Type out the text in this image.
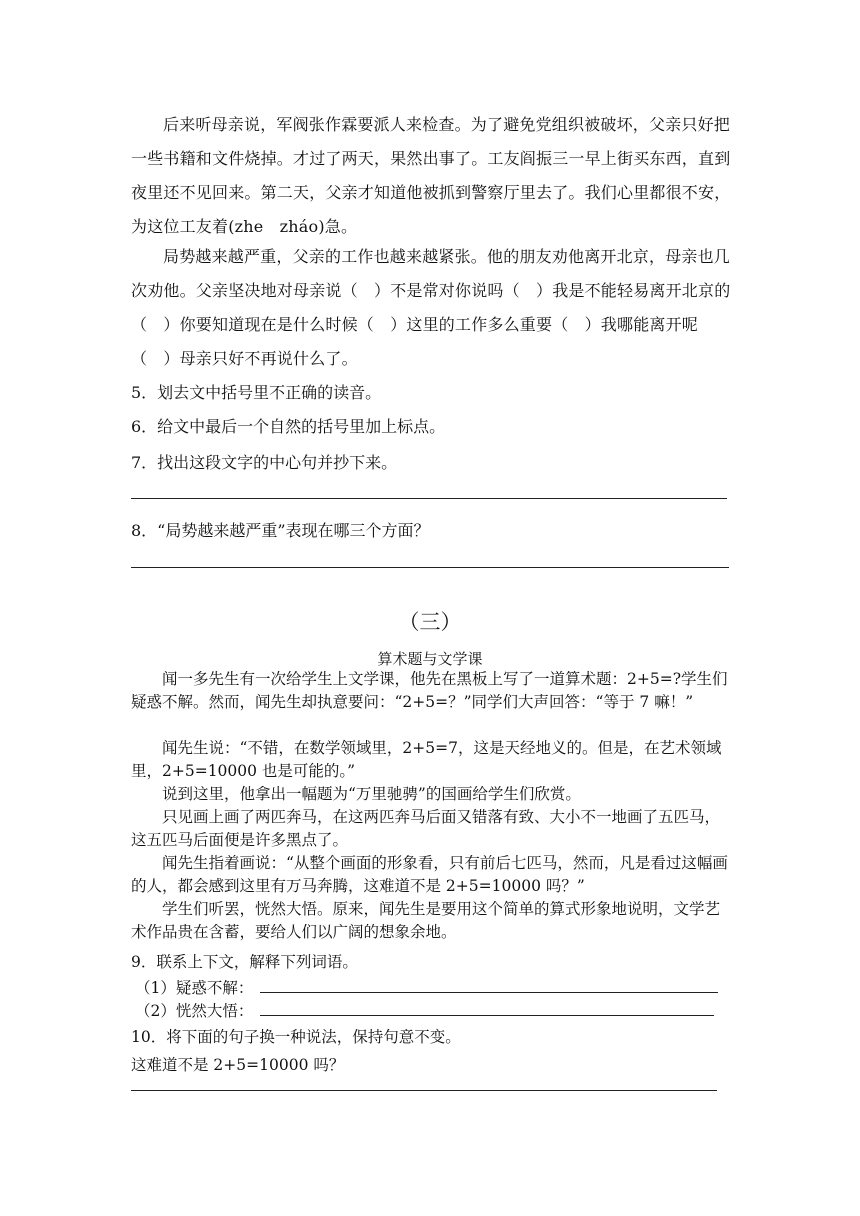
后来听母亲说，军阀张作霖要派人来检查。为了避免党组织被破坏，父亲只好把一些书籍和文件烧掉。才过了两天，果然出事了。工友阎振三一早上街买东西，直到夜里还不见回来。第二天，父亲才知道他被抓到警察厅里去了。我们心里都很不安，为这位工友着(zhe　zháo)急。

局势越来越严重，父亲的工作也越来越紧张。他的朋友劝他离开北京，母亲也几次劝他。父亲坚决地对母亲说（　）不是常对你说吗（　）我是不能轻易离开北京的（　）你要知道现在是什么时候（　）这里的工作多么重要（　）我哪能离开呢（　）母亲只好不再说什么了。

5．划去文中括号里不正确的读音。

6．给文中最后一个自然的括号里加上标点。

7．找出这段文字的中心句并抄下来。

8．“局势越来越严重”表现在哪三个方面？

（三）

算术题与文学课

闻一多先生有一次给学生上文学课，他先在黑板上写了一道算术题：2+5=?学生们疑惑不解。然而，闻先生却执意要问：“2+5=？”同学们大声回答：“等于 7 嘛！”

闻先生说：“不错，在数学领域里，2+5=7，这是天经地义的。但是，在艺术领域里，2+5=10000 也是可能的。”

说到这里，他拿出一幅题为“万里驰骋”的国画给学生们欣赏。

只见画上画了两匹奔马，在这两匹奔马后面又错落有致、大小不一地画了五匹马，这五匹马后面便是许多黑点了。

闻先生指着画说：“从整个画面的形象看，只有前后七匹马，然而，凡是看过这幅画的人，都会感到这里有万马奔腾，这难道不是 2+5=10000 吗？”

学生们听罢，恍然大悟。原来，闻先生是要用这个简单的算式形象地说明，文学艺术作品贵在含蓄，要给人们以广阔的想象余地。

9．联系上下文，解释下列词语。

（1）疑惑不解：

（2）恍然大悟：

10．将下面的句子换一种说法，保持句意不变。

这难道不是 2+5=10000 吗？
